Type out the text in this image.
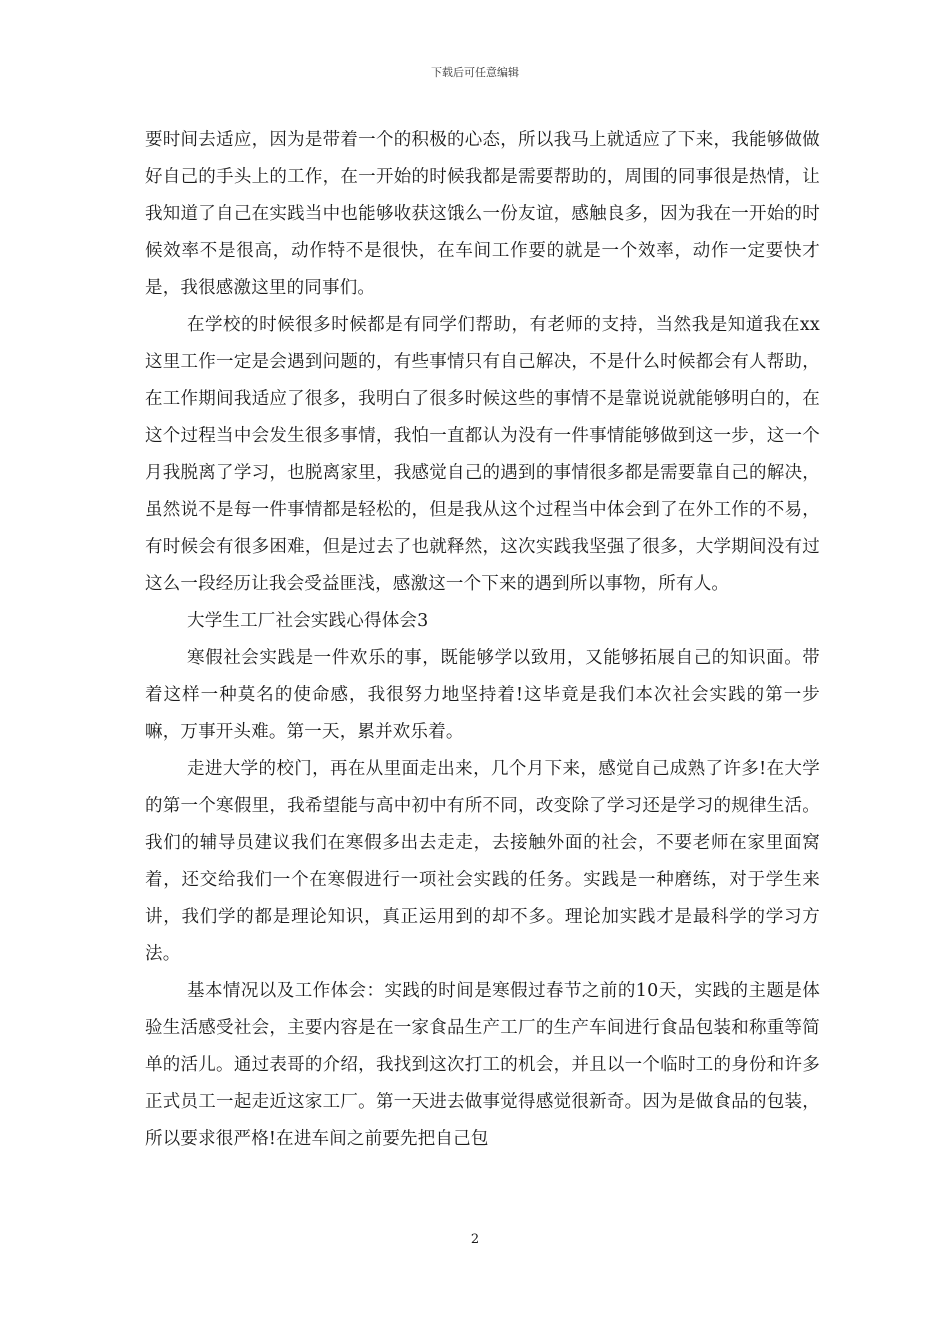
下载后可任意编辑

要时间去适应，因为是带着一个的积极的心态，所以我马上就适应了下来，我能够做做好自己的手头上的工作，在一开始的时候我都是需要帮助的，周围的同事很是热情，让我知道了自己在实践当中也能够收获这饿么一份友谊，感触良多，因为我在一开始的时候效率不是很高，动作特不是很快，在车间工作要的就是一个效率，动作一定要快才是，我很感激这里的同事们。

在学校的时候很多时候都是有同学们帮助，有老师的支持，当然我是知道我在xx这里工作一定是会遇到问题的，有些事情只有自己解决，不是什么时候都会有人帮助，在工作期间我适应了很多，我明白了很多时候这些的事情不是靠说说就能够明白的，在这个过程当中会发生很多事情，我怕一直都认为没有一件事情能够做到这一步，这一个月我脱离了学习，也脱离家里，我感觉自己的遇到的事情很多都是需要靠自己的解决，虽然说不是每一件事情都是轻松的，但是我从这个过程当中体会到了在外工作的不易，有时候会有很多困难，但是过去了也就释然，这次实践我坚强了很多，大学期间没有过这么一段经历让我会受益匪浅，感激这一个下来的遇到所以事物，所有人。

大学生工厂社会实践心得体会3

寒假社会实践是一件欢乐的事，既能够学以致用，又能够拓展自己的知识面。带着这样一种莫名的使命感，我很努力地坚持着!这毕竟是我们本次社会实践的第一步嘛，万事开头难。第一天，累并欢乐着。

走进大学的校门，再在从里面走出来，几个月下来，感觉自己成熟了许多!在大学的第一个寒假里，我希望能与高中初中有所不同，改变除了学习还是学习的规律生活。我们的辅导员建议我们在寒假多出去走走，去接触外面的社会，不要老师在家里面窝着，还交给我们一个在寒假进行一项社会实践的任务。实践是一种磨练，对于学生来讲，我们学的都是理论知识，真正运用到的却不多。理论加实践才是最科学的学习方法。

基本情况以及工作体会：实践的时间是寒假过春节之前的10天，实践的主题是体验生活感受社会，主要内容是在一家食品生产工厂的生产车间进行食品包装和称重等简单的活儿。通过表哥的介绍，我找到这次打工的机会，并且以一个临时工的身份和许多正式员工一起走近这家工厂。第一天进去做事觉得感觉很新奇。因为是做食品的包装，所以要求很严格!在进车间之前要先把自己包

2
